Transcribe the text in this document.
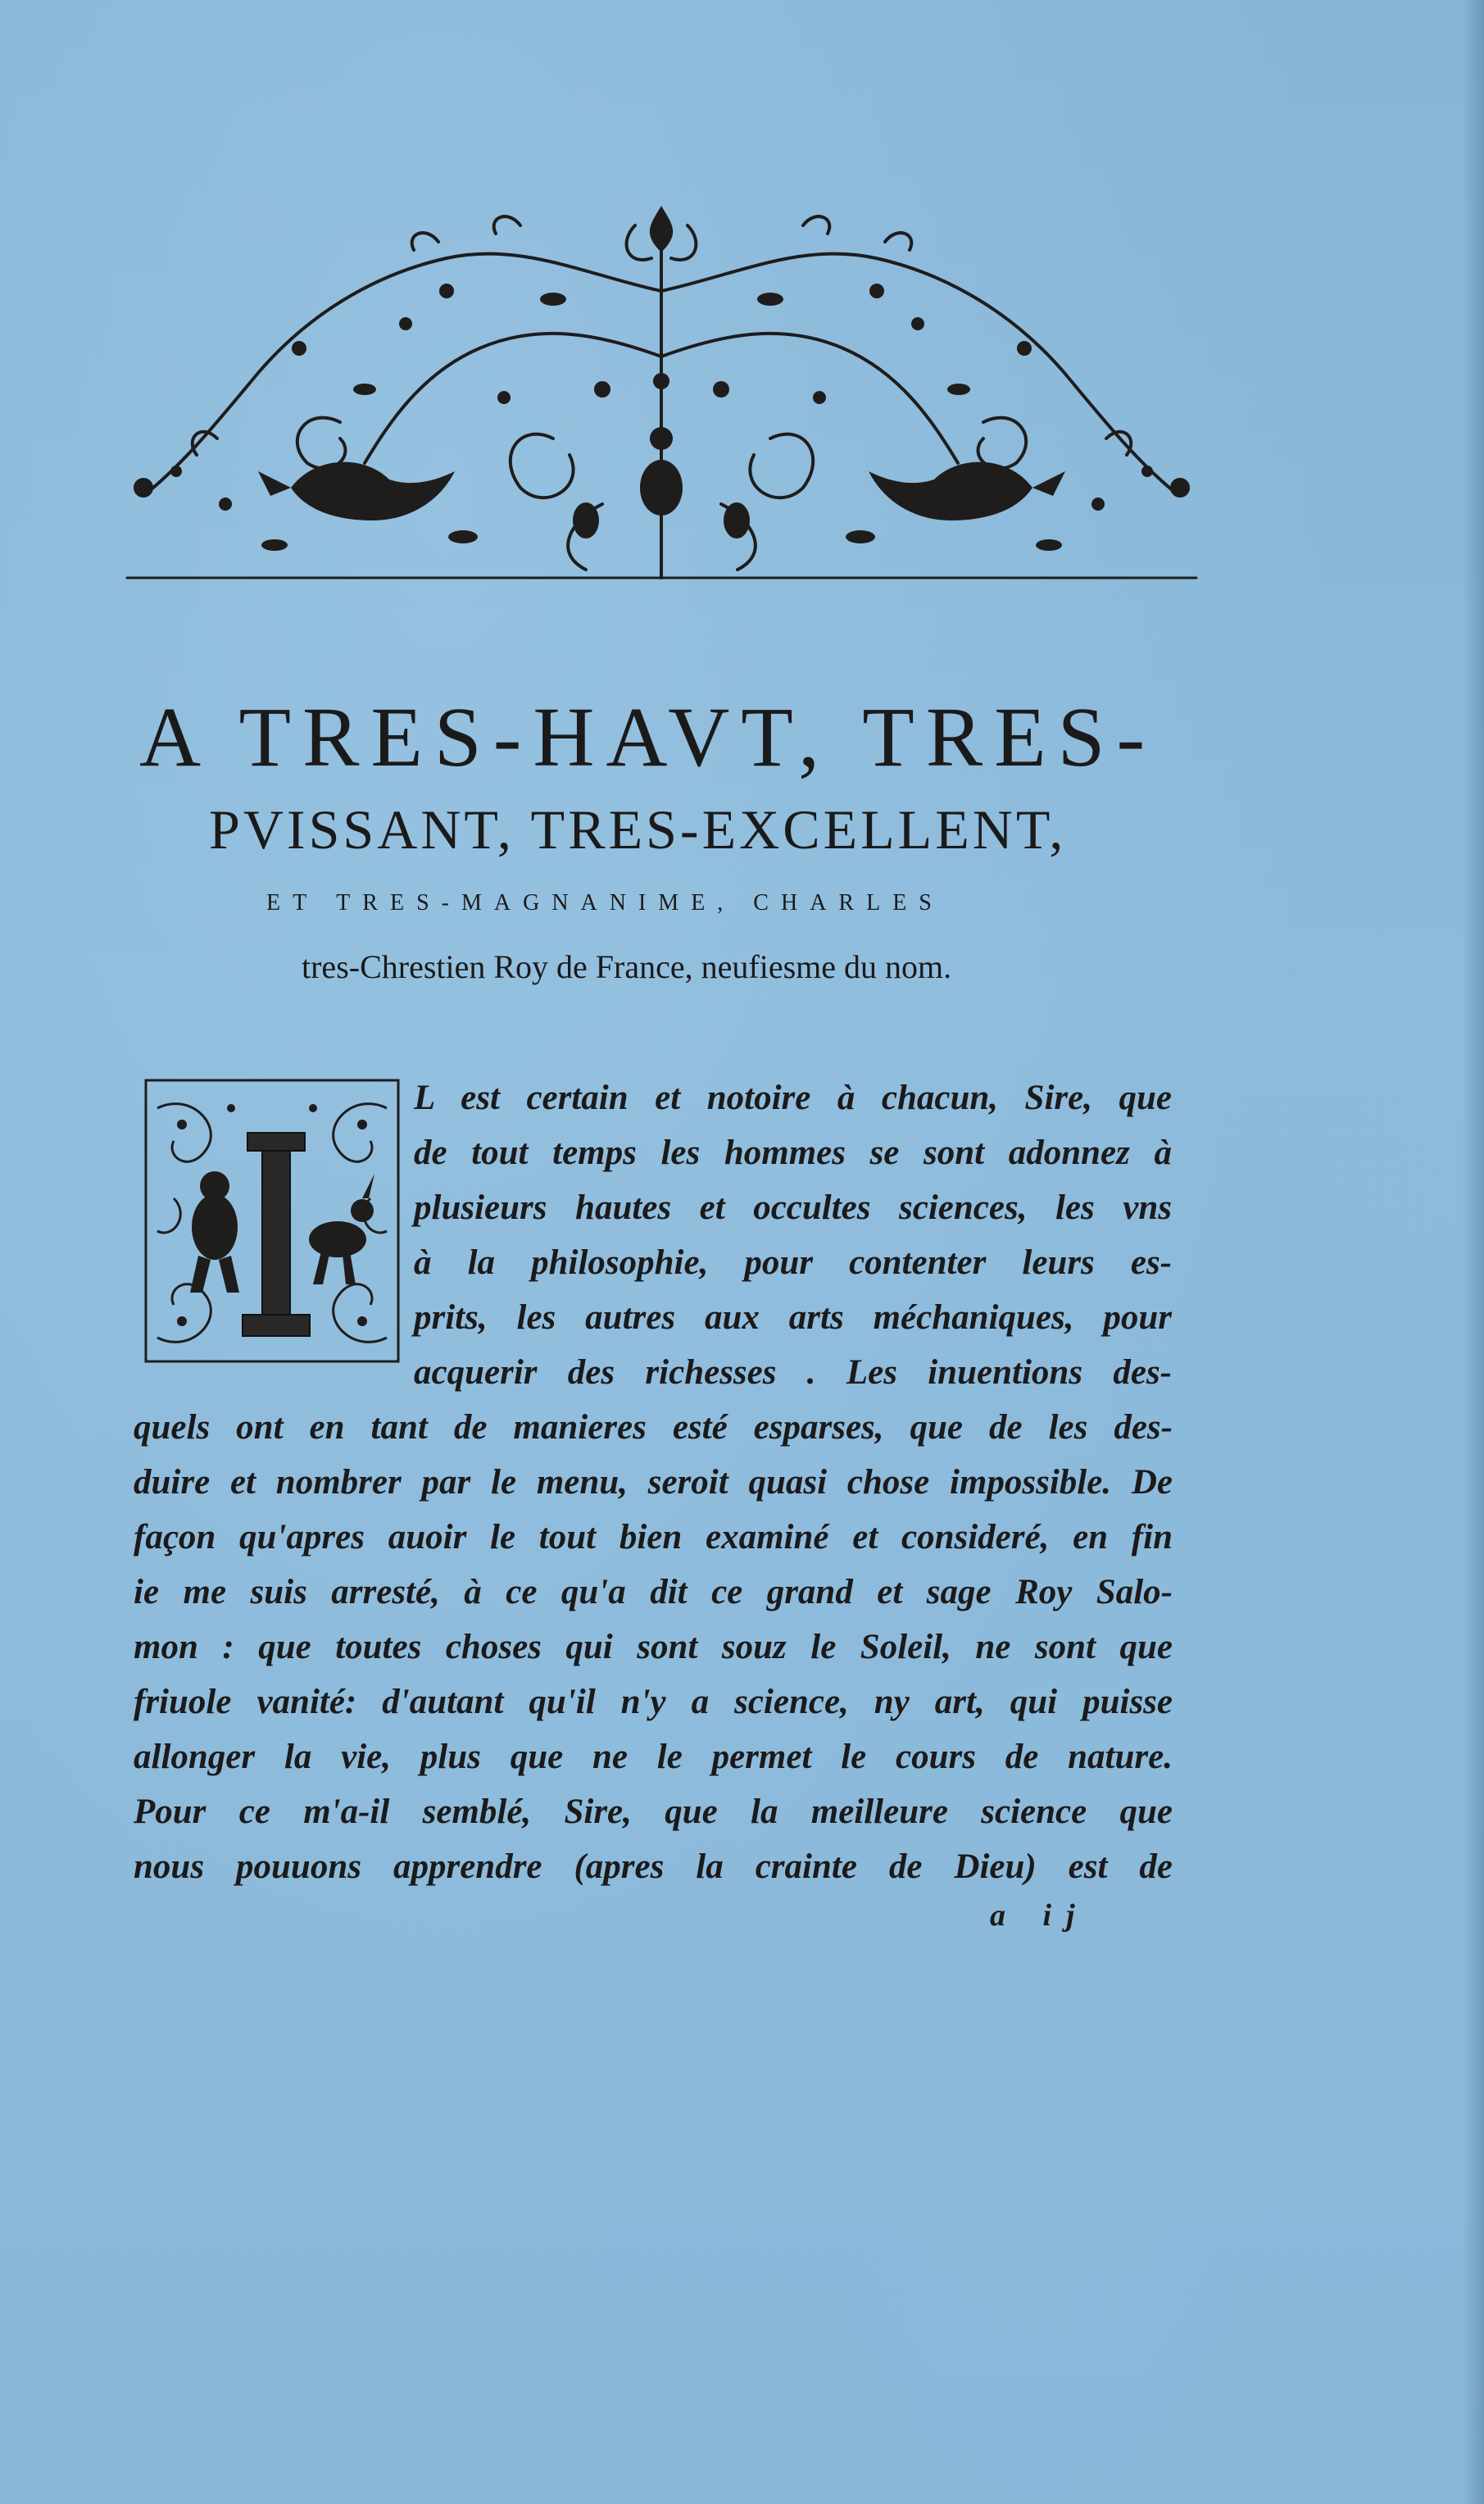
A TRES-HAVT, TRES-
PVISSANT, TRES-EXCELLENT,
ET TRES-MAGNANIME, CHARLES
tres-Chrestien Roy de France, neufiesme du nom.
L est certain et notoire à chacun, Sire, que
de tout temps les hommes se sont adonnez à
plusieurs hautes et occultes sciences, les vns
à la philosophie, pour contenter leurs es-
prits, les autres aux arts méchaniques, pour
acquerir des richesses . Les inuentions des-
quels ont en tant de manieres esté esparses, que de les des-
duire et nombrer par le menu, seroit quasi chose impossible. De
façon qu'apres auoir le tout bien examiné et consideré, en fin
ie me suis arresté, à ce qu'a dit ce grand et sage Roy Salo-
mon : que toutes choses qui sont souz le Soleil, ne sont que
friuole vanité: d'autant qu'il n'y a science, ny art, qui puisse
allonger la vie, plus que ne le permet le cours de nature.
Pour ce m'a-il semblé, Sire, que la meilleure science que
nous pouuons apprendre (apres la crainte de Dieu) est de
a ij
